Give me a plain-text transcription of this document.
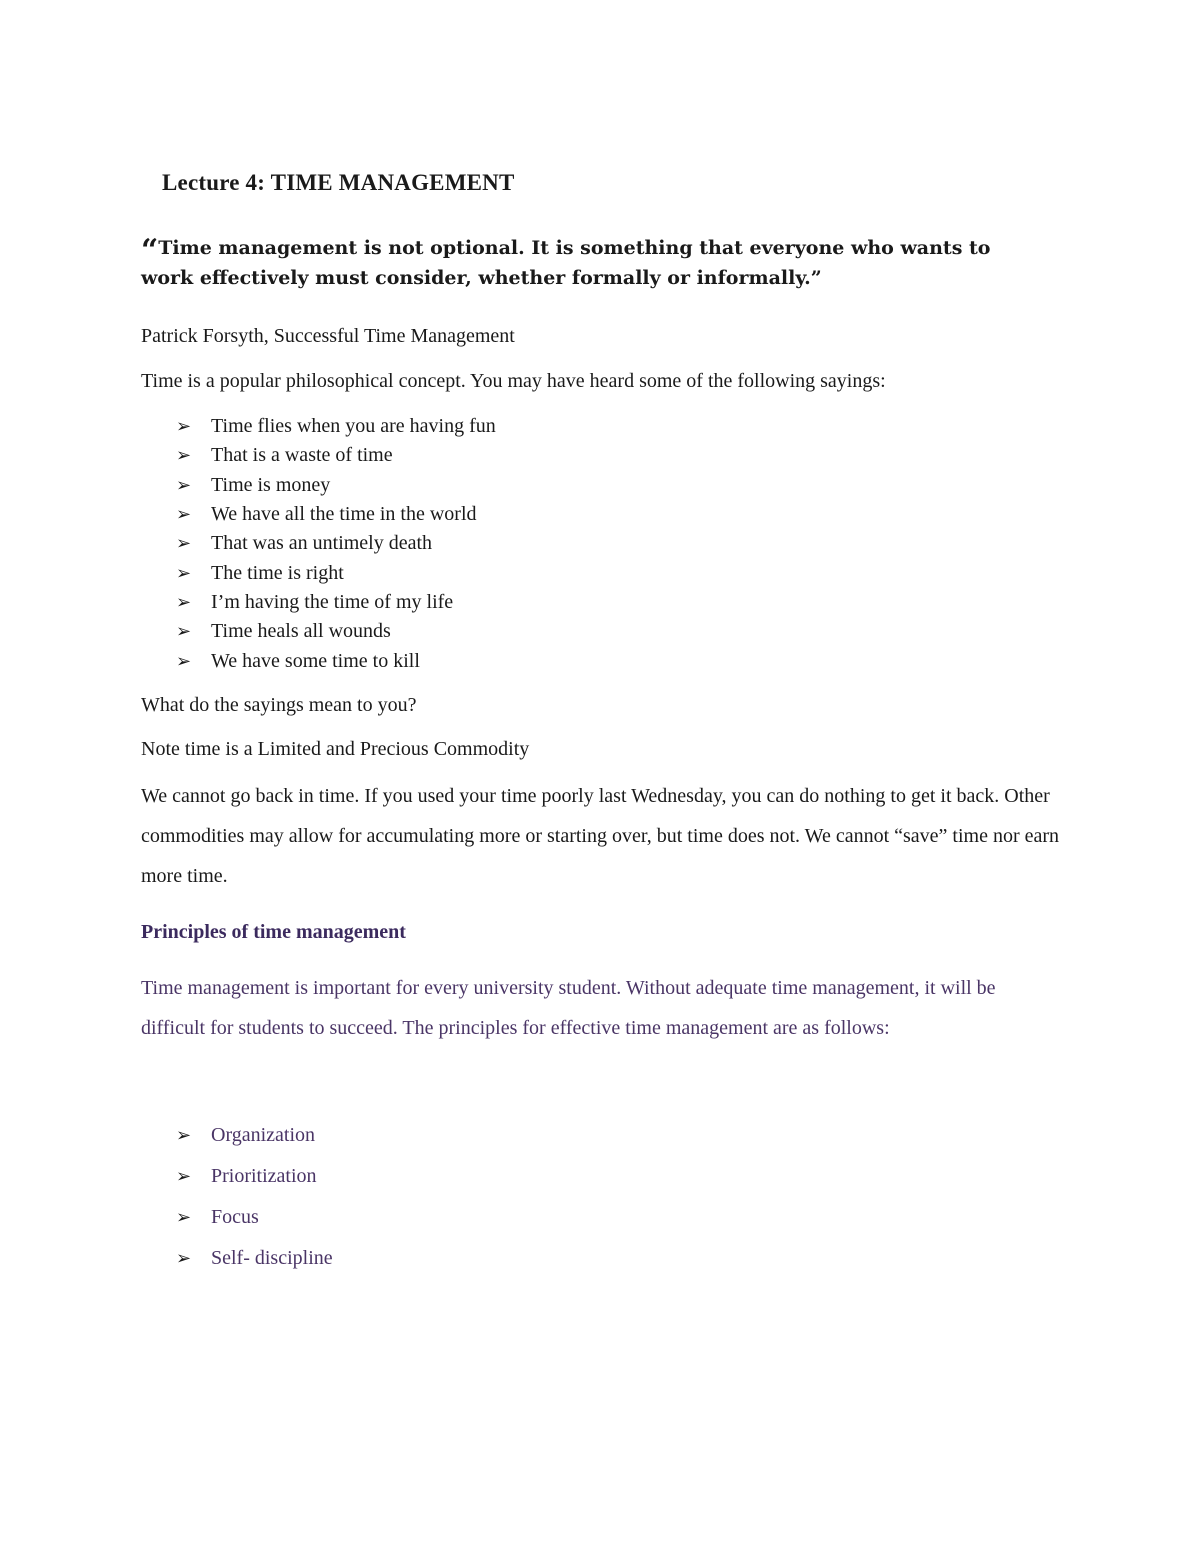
Lecture 4: TIME MANAGEMENT

“Time management is not optional. It is something that everyone who wants to work effectively must consider, whether formally or informally.”

Patrick Forsyth, Successful Time Management

Time is a popular philosophical concept. You may have heard some of the following sayings:

➢ Time flies when you are having fun
➢ That is a waste of time
➢ Time is money
➢ We have all the time in the world
➢ That was an untimely death
➢ The time is right
➢ I’m having the time of my life
➢ Time heals all wounds
➢ We have some time to kill

What do the sayings mean to you?

Note time is a Limited and Precious Commodity

We cannot go back in time. If you used your time poorly last Wednesday, you can do nothing to get it back. Other commodities may allow for accumulating more or starting over, but time does not. We cannot “save” time nor earn more time.

Principles of time management

Time management is important for every university student. Without adequate time management, it will be difficult for students to succeed. The principles for effective time management are as follows:

➢ Organization
➢ Prioritization
➢ Focus
➢ Self- discipline
